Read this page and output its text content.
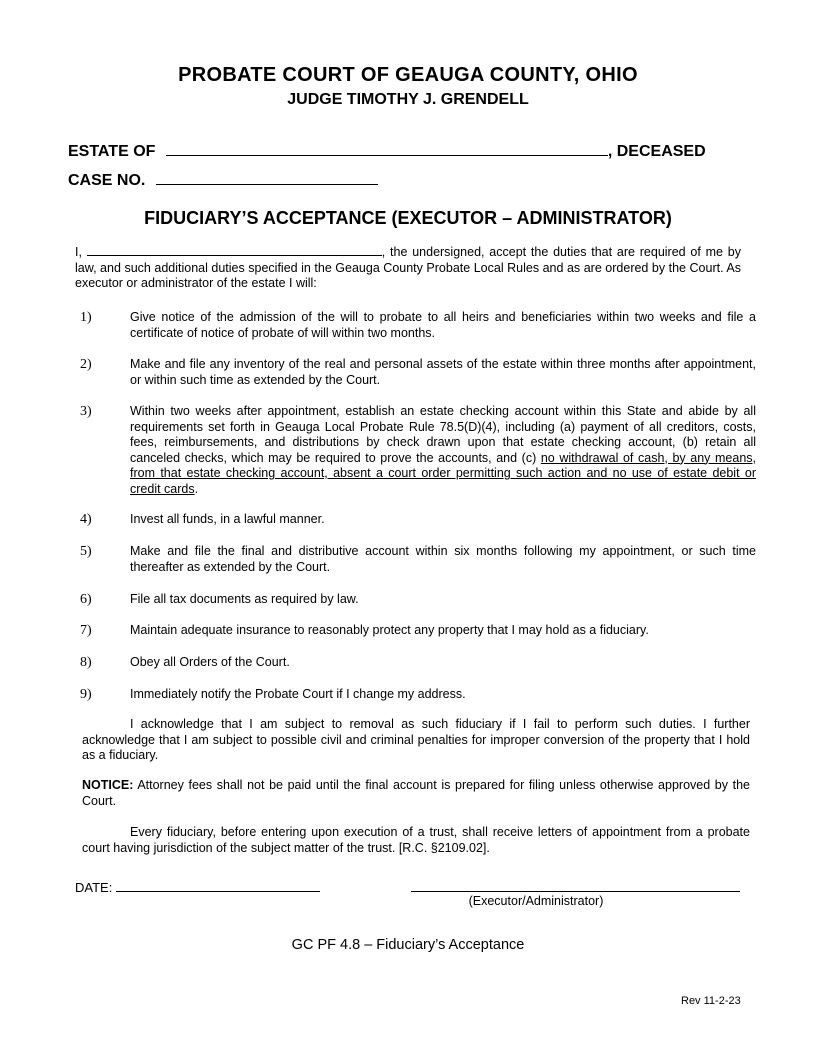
PROBATE COURT OF GEAUGA COUNTY, OHIO
JUDGE TIMOTHY J. GRENDELL
ESTATE OF	, DECEASED
CASE NO.
FIDUCIARY’S ACCEPTANCE (EXECUTOR – ADMINISTRATOR)
I,	, the undersigned, accept the duties that are required of me by law, and such additional duties specified in the Geauga County Probate Local Rules and as are ordered by the Court. As executor or administrator of the estate I will:
1)	Give notice of the admission of the will to probate to all heirs and beneficiaries within two weeks and file a certificate of notice of probate of will within two months.
2)	Make and file any inventory of the real and personal assets of the estate within three months after appointment, or within such time as extended by the Court.
3)	Within two weeks after appointment, establish an estate checking account within this State and abide by all requirements set forth in Geauga Local Probate Rule 78.5(D)(4), including (a) payment of all creditors, costs, fees, reimbursements, and distributions by check drawn upon that estate checking account, (b) retain all canceled checks, which may be required to prove the accounts, and (c) no withdrawal of cash, by any means, from that estate checking account, absent a court order permitting such action and no use of estate debit or credit cards.
4)	Invest all funds, in a lawful manner.
5)	Make and file the final and distributive account within six months following my appointment, or such time thereafter as extended by the Court.
6)	File all tax documents as required by law.
7)	Maintain adequate insurance to reasonably protect any property that I may hold as a fiduciary.
8)	Obey all Orders of the Court.
9)	Immediately notify the Probate Court if I change my address.
I acknowledge that I am subject to removal as such fiduciary if I fail to perform such duties. I further acknowledge that I am subject to possible civil and criminal penalties for improper conversion of the property that I hold as a fiduciary.
NOTICE: Attorney fees shall not be paid until the final account is prepared for filing unless otherwise approved by the Court.
Every fiduciary, before entering upon execution of a trust, shall receive letters of appointment from a probate court having jurisdiction of the subject matter of the trust. [R.C. §2109.02].
DATE:
(Executor/Administrator)
GC PF 4.8 – Fiduciary’s Acceptance
Rev 11-2-23
